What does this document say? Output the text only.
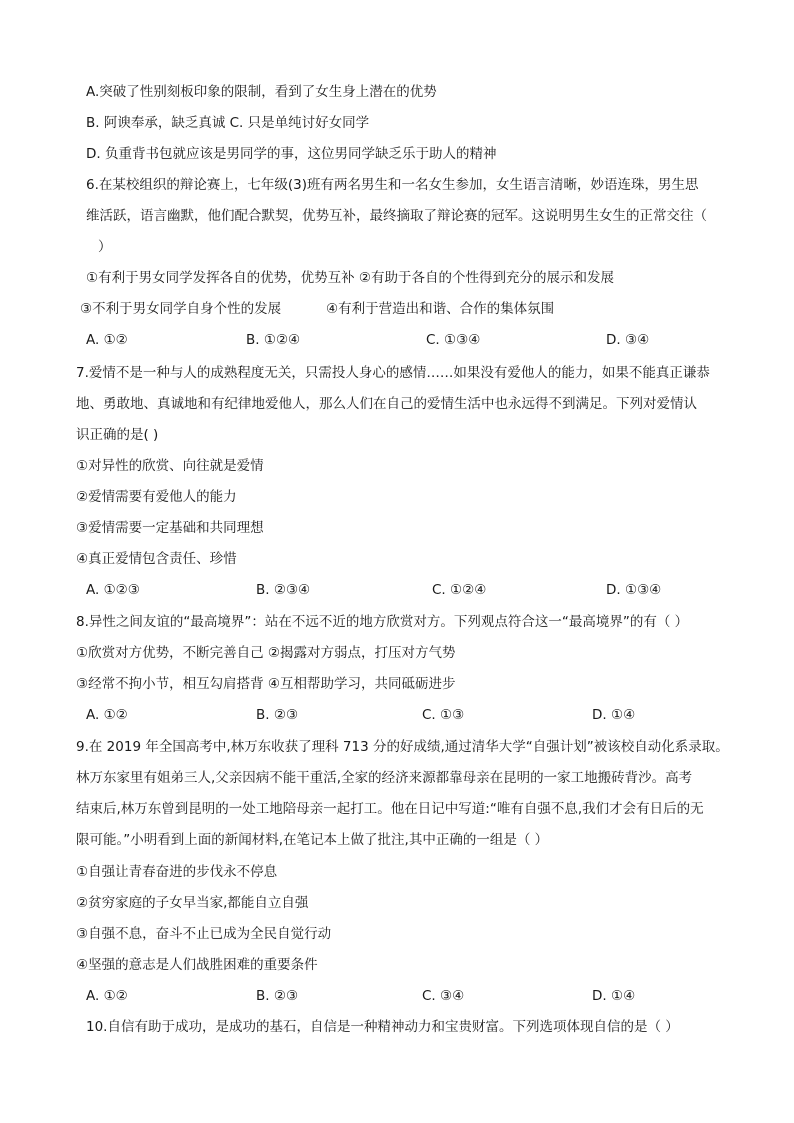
A.突破了性别刻板印象的限制，看到了女生身上潜在的优势
B. 阿谀奉承，缺乏真诚 C. 只是单纯讨好女同学
D. 负重背书包就应该是男同学的事，这位男同学缺乏乐于助人的精神
6.在某校组织的辩论赛上，七年级(3)班有两名男生和一名女生参加，女生语言清晰，妙语连珠，男生思
维活跃，语言幽默，他们配合默契，优势互补，最终摘取了辩论赛的冠军。这说明男生女生的正常交往（
）
①有利于男女同学发挥各自的优势，优势互补 ②有助于各自的个性得到充分的展示和发展
③不利于男女同学自身个性的发展	④有利于营造出和谐、合作的集体氛围
A. ①②	B. ①②④	C. ①③④	D. ③④
7.爱情不是一种与人的成熟程度无关，只需投人身心的感情……如果没有爱他人的能力，如果不能真正谦恭
地、勇敢地、真诚地和有纪律地爱他人，那么人们在自己的爱情生活中也永远得不到满足。下列对爱情认
识正确的是( )
①对异性的欣赏、向往就是爱情
②爱情需要有爱他人的能力
③爱情需要一定基础和共同理想
④真正爱情包含责任、珍惜
A. ①②③	B. ②③④	C. ①②④	D. ①③④
8.异性之间友谊的“最高境界”：站在不远不近的地方欣赏对方。下列观点符合这一“最高境界”的有（ ）
①欣赏对方优势，不断完善自己 ②揭露对方弱点，打压对方气势
③经常不拘小节，相互勾肩搭背 ④互相帮助学习，共同砥砺进步
A. ①②	B. ②③	C. ①③	D. ①④
9.在 2019 年全国高考中,林万东收获了理科 713 分的好成绩,通过清华大学“自强计划”被该校自动化系录取。
林万东家里有姐弟三人,父亲因病不能干重活,全家的经济来源都靠母亲在昆明的一家工地搬砖背沙。高考
结束后,林万东曾到昆明的一处工地陪母亲一起打工。他在日记中写道:“唯有自强不息,我们才会有日后的无
限可能。”小明看到上面的新闻材料,在笔记本上做了批注,其中正确的一组是（ ）
①自强让青春奋进的步伐永不停息
②贫穷家庭的子女早当家,都能自立自强
③自强不息，奋斗不止已成为全民自觉行动
④坚强的意志是人们战胜困难的重要条件
A. ①②	B. ②③	C. ③④	D. ①④
10.自信有助于成功，是成功的基石，自信是一种精神动力和宝贵财富。下列选项体现自信的是（ ）
